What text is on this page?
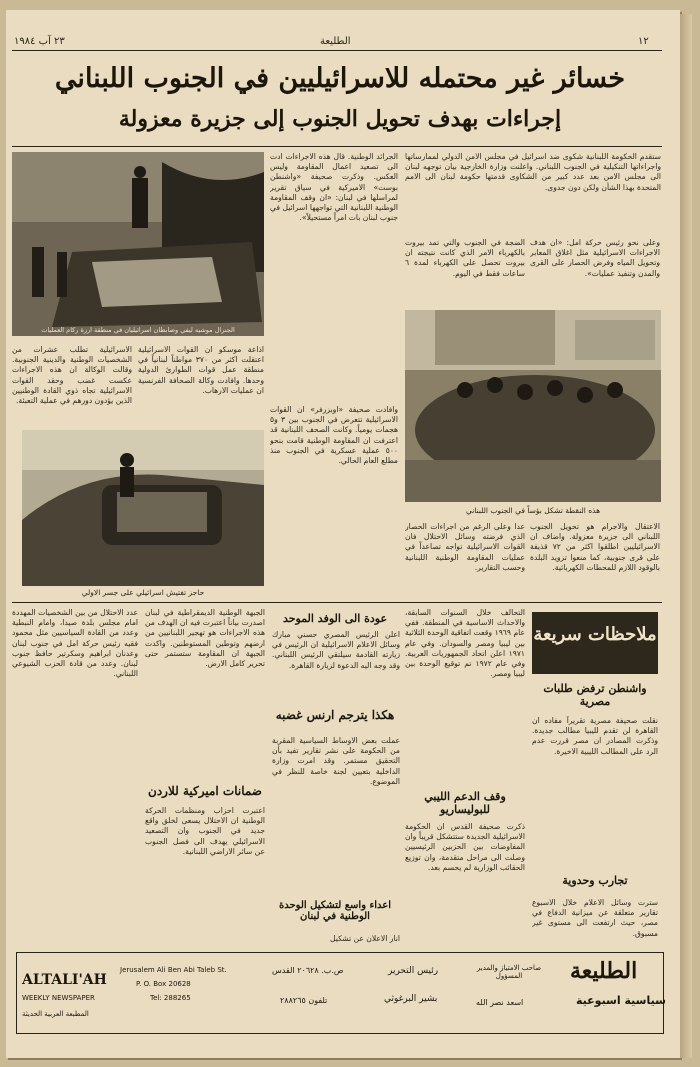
٢٣ آب ١٩٨٤	الطليعة	١٢
خسائر غير محتمله للاسرائيليين في الجنوب اللبناني
إجراءات بهدف تحويل الجنوب إلى جزيرة معزولة
الجنرال موشيه ليفي وضابطان اسرائيليان في منطقة ارزة ركام العمليات
ستقدم الحكومة اللبنانية شكوى ضد اسرائيل في مجلس الامن الدولي لممارساتها واجراءاتها التنكيلية في الجنوب اللبناني. واعلنت وزارة الخارجية بيان توجهه لبنان الى مجلس الامن بعد عدد كبير من الشكاوى قدمتها حكومة لبنان الى الامم المتحدة بهذا الشأن ولكن دون جدوى.
الجرائد الوطنية. قال هذه الاجراءات ادت الى تصعيد اعمال المقاومة وليس العكس. وذكرت صحيفة «واشنطن بوست» الاميركية في سياق تقرير لمراسلها في لبنان: «ان وقف المقاومة الوطنية اللبنانية التي تواجهها اسرائيل في جنوب لبنان بات امراً مستحيلاً».
الضجة في الجنوب والتي تمد بيروت بالكهرباء الامر الذي كانت نتيجته ان بيروت تحصل على الكهرباء لمدة ٦ ساعات فقط في اليوم.
وعلى نحو رئيس حركة امل: «ان هدف الاجراءات الاسرائيلية مثل اغلاق المعابر وتحويل المياه وفرض الحصار على القرى والمدن وتنفيذ عمليات».
اذاعة موسكو ان القوات الاسرائيلية اعتقلت اكثر من ٣٧٠ مواطناً لبنانياً في منطقة عمل قوات الطوارئ الدولية وحدها. وافادت وكالة الصحافة الفرنسية ان عمليات الارهاب.
الاسرائيلية تطلب عشرات من الشخصيات الوطنية والدينية الجنوبية. وقالت الوكالة ان هذه الاجراءات عكست غضب وحقد القوات الاسرائيلية تجاه ذوي القادة الوطنيين الذين يؤدون دورهم في عملية التعبئة.
هذه النقطة تشكل بؤساً في الجنوب اللبناني
حاجز تفتيش اسرائيلي على جسر الاولي
وافادت صحيفة «اوبزرفر» ان القوات الاسرائيلية تتعرض في الجنوب بين ٣ و٥ هجمات يومياً. وكانت الصحف اللبنانية قد اعترفت ان المقاومة الوطنية قامت بنحو ٥٠٠ عملية عسكرية في الجنوب منذ مطلع العام الحالي.
الاعتقال والاجرام هو تحويل الجنوب اللبناني الى جزيرة معزولة. واضاف ان الاسرائيليين اطلقوا اكثر من ٧٢ قذيفة على قرى جنوبية، كما منعوا تزويد البلدة بالوقود اللازم للمحطات الكهربائية.
عدا وعلى الرغم من اجراءات الحصار الذي فرضته وسائل الاحتلال فان القوات الاسرائيلية تواجه تصاعداً في عمليات المقاومة الوطنية اللبنانية وحسب التقارير.
عدد الاحتلال من بين الشخصيات المهددة امام مجلس بلدة صيدا، وامام النبطية وعدد من القادة السياسيين مثل محمود فقيه رئيس حركة امل في جنوب لبنان وعدنان ابراهيم وسكرتير حافظ جنوب لبنان. وعدد من قادة الحزب الشيوعي اللبناني.
الجبهة الوطنية الديمقراطية في لبنان اصدرت بياناً اعتبرت فيه ان الهدف من هذه الاجراءات هو تهجير اللبنانيين من ارضهم وتوطين المستوطنين. واكدت الجبهة ان المقاومة ستستمر حتى تحرير كامل الارض.
ضمانات اميركية للاردن
اعتبرت احزاب ومنظمات الحركة الوطنية ان الاحتلال يسعى لخلق واقع جديد في الجنوب وان التصعيد الاسرائيلي يهدف الى فصل الجنوب عن سائر الاراضي اللبنانية.
عودة الى الوفد الموحد
اعلن الرئيس المصري حسني مبارك وسائل الاعلام الاسرائيلية ان الرئيس في زيارته القادمة سيلتقي الرئيس اللبناني. وقد وجه اليه الدعوة لزيارة القاهرة.
هكذا يترجم ارنس غضبه
عملت بعض الاوساط السياسية المقربة من الحكومة على نشر تقارير تفيد بأن التحقيق مستمر. وقد امرت وزارة الداخلية بتعيين لجنة خاصة للنظر في الموضوع.
اعداء واسع لتشكيل الوحدة الوطنية في لبنان
انار الاعلان عن تشكيل
التحالف خلال السنوات السابقة، والاحداث الاساسية في المنطقة. ففي عام ١٩٦٩ وقعت اتفاقية الوحدة الثلاثية بين ليبيا ومصر والسودان. وفي عام ١٩٧١ اعلن اتحاد الجمهوريات العربية. وفي عام ١٩٧٢ تم توقيع الوحدة بين ليبيا ومصر.
وقف الدعم الليبي للبوليساريو
ذكرت صحيفة القدس ان الحكومة الاسرائيلية الجديدة ستتشكل قريباً وان المفاوضات بين الحزبين الرئيسيين وصلت الى مراحل متقدمة، وان توزيع الحقائب الوزارية لم يحسم بعد.
ملاحظات سريعة
واشنطن ترفض طلبات مصرية
نقلت صحيفة مصرية تقريراً مفاده ان القاهرة لن تقدم لليبيا مطالب جديدة. وذكرت المصادر ان مصر قررت عدم الرد على المطالب الليبية الاخيرة.
تجارب وحدوية
سترت وسائل الاعلام خلال الاسبوع تقارير متعلقة عن ميزانية الدفاع في مصر، حيث ارتفعت الى مستوى غير مسبوق.
ALTALI'AH
WEEKLY NEWSPAPER
المطبعة العربية الحديثة
Jerusalem Ali Ben Abi Taleb St.
P. O. Box 20628
Tel: 288265
ص.ب. ٢٠٦٢٨ القدس
تلفون ٢٨٨٢٦٥
رئيس التحرير
بشير البرغوثي
صاحب الامتياز والمدير المسؤول
اسعد نصر الله
الطليعة
سياسية اسبوعية
